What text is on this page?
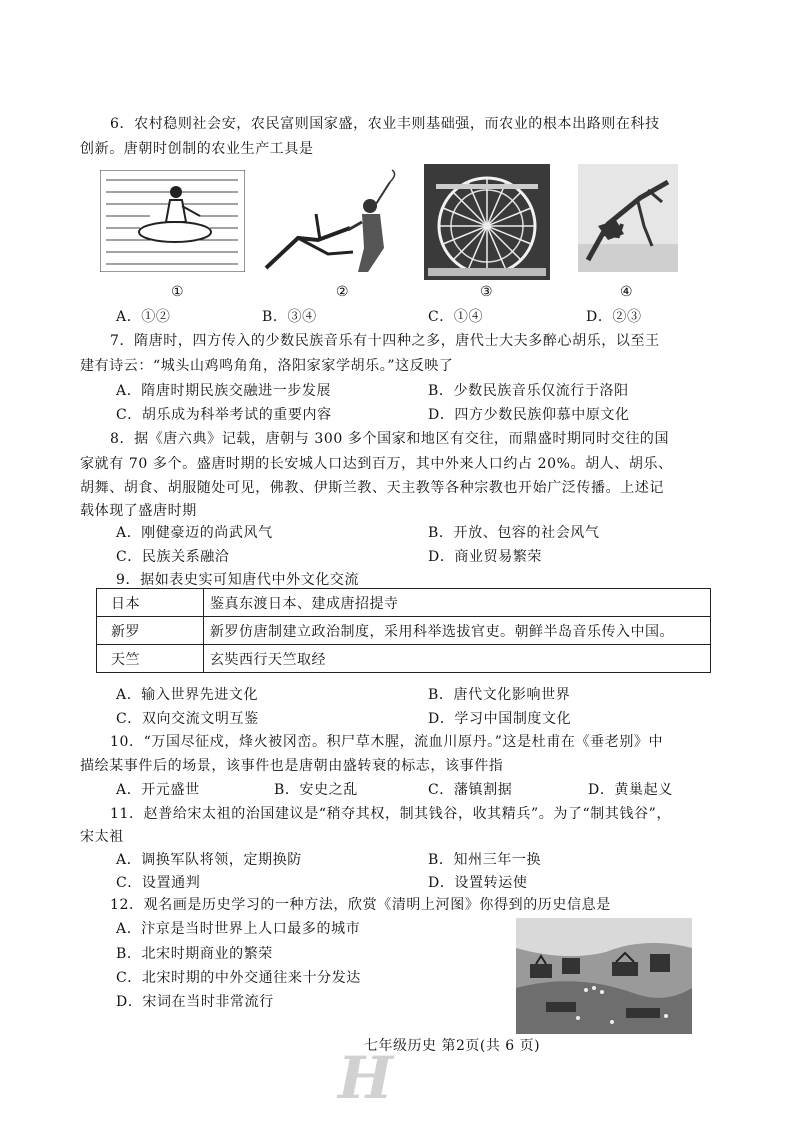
6．农村稳则社会安，农民富则国家盛，农业丰则基础强，而农业的根本出路则在科技
创新。唐朝时创制的农业生产工具是
①	②	③	④
A．①②	B．③④	C．①④	D．②③
7．隋唐时，四方传入的少数民族音乐有十四种之多，唐代士大夫多醉心胡乐，以至王
建有诗云：“城头山鸡鸣角角，洛阳家家学胡乐。”这反映了
A．隋唐时期民族交融进一步发展	B．少数民族音乐仅流行于洛阳
C．胡乐成为科举考试的重要内容	D．四方少数民族仰慕中原文化
8．据《唐六典》记载，唐朝与 300 多个国家和地区有交往，而鼎盛时期同时交往的国
家就有 70 多个。盛唐时期的长安城人口达到百万，其中外来人口约占 20%。胡人、胡乐、
胡舞、胡食、胡服随处可见，佛教、伊斯兰教、天主教等各种宗教也开始广泛传播。上述记
载体现了盛唐时期
A．刚健豪迈的尚武风气	B．开放、包容的社会风气
C．民族关系融洽	D．商业贸易繁荣
9．据如表史实可知唐代中外文化交流
日本	鉴真东渡日本、建成唐招提寺
新罗	新罗仿唐制建立政治制度，采用科举选拔官吏。朝鲜半岛音乐传入中国。
天竺	玄奘西行天竺取经
A．输入世界先进文化	B．唐代文化影响世界
C．双向交流文明互鉴	D．学习中国制度文化
10．“万国尽征戍，烽火被冈峦。积尸草木腥，流血川原丹。”这是杜甫在《垂老别》中
描绘某事件后的场景，该事件也是唐朝由盛转衰的标志，该事件指
A．开元盛世	B．安史之乱	C．藩镇割据	D．黄巢起义
11．赵普给宋太祖的治国建议是“稍夺其权，制其钱谷，收其精兵”。为了“制其钱谷”，
宋太祖
A．调换军队将领，定期换防	B．知州三年一换
C．设置通判	D．设置转运使
12．观名画是历史学习的一种方法，欣赏《清明上河图》你得到的历史信息是
A．汴京是当时世界上人口最多的城市
B．北宋时期商业的繁荣
C．北宋时期的中外交通往来十分发达
D．宋词在当时非常流行
H
七年级历史 第2页(共 6 页)
